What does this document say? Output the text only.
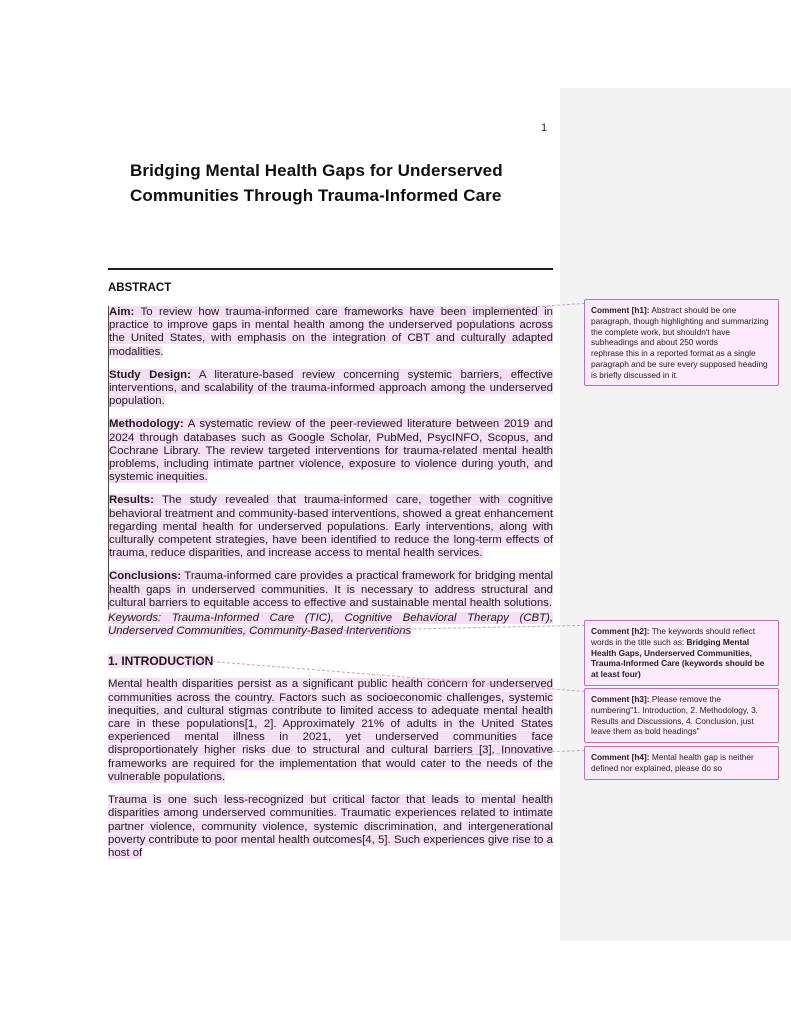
1
Bridging Mental Health Gaps for Underserved Communities Through Trauma-Informed Care
ABSTRACT

Aim: To review how trauma-informed care frameworks have been implemented in practice to improve gaps in mental health among the underserved populations across the United States, with emphasis on the integration of CBT and culturally adapted modalities.

Study Design: A literature-based review concerning systemic barriers, effective interventions, and scalability of the trauma-informed approach among the underserved population.

Methodology: A systematic review of the peer-reviewed literature between 2019 and 2024 through databases such as Google Scholar, PubMed, PsycINFO, Scopus, and Cochrane Library. The review targeted interventions for trauma-related mental health problems, including intimate partner violence, exposure to violence during youth, and systemic inequities.

Results: The study revealed that trauma-informed care, together with cognitive behavioral treatment and community-based interventions, showed a great enhancement regarding mental health for underserved populations. Early interventions, along with culturally competent strategies, have been identified to reduce the long-term effects of trauma, reduce disparities, and increase access to mental health services.

Conclusions: Trauma-informed care provides a practical framework for bridging mental health gaps in underserved communities. It is necessary to address structural and cultural barriers to equitable access to effective and sustainable mental health solutions.

Keywords: Trauma-Informed Care (TIC), Cognitive Behavioral Therapy (CBT), Underserved Communities, Community-Based Interventions

1. INTRODUCTION

Mental health disparities persist as a significant public health concern for underserved communities across the country. Factors such as socioeconomic challenges, systemic inequities, and cultural stigmas contribute to limited access to adequate mental health care in these populations[1, 2]. Approximately 21% of adults in the United States experienced mental illness in 2021, yet underserved communities face disproportionately higher risks due to structural and cultural barriers [3]. Innovative frameworks are required for the implementation that would cater to the needs of the vulnerable populations.

Trauma is one such less-recognized but critical factor that leads to mental health disparities among underserved communities. Traumatic experiences related to intimate partner violence, community violence, systemic discrimination, and intergenerational poverty contribute to poor mental health outcomes[4, 5]. Such experiences give rise to a host of

Comment [h1]: Abstract should be one paragraph, though highlighting and summarizing the complete work, but shouldn't have subheadings and about 250 words
rephrase this in a reported format as a single paragraph and be sure every supposed heading is briefly discussed in it.
Comment [h2]: The keywords should reflect words in the title such as: Bridging Mental Health Gaps, Underserved Communities, Trauma-Informed Care (keywords should be at least four)
Comment [h3]: Please remove the numbering"1. Introduction, 2. Methodology, 3. Results and Discussions, 4. Conclusion, just leave them as bold headings"
Comment [h4]: Mental health gap is neither defined nor explained, please do so
